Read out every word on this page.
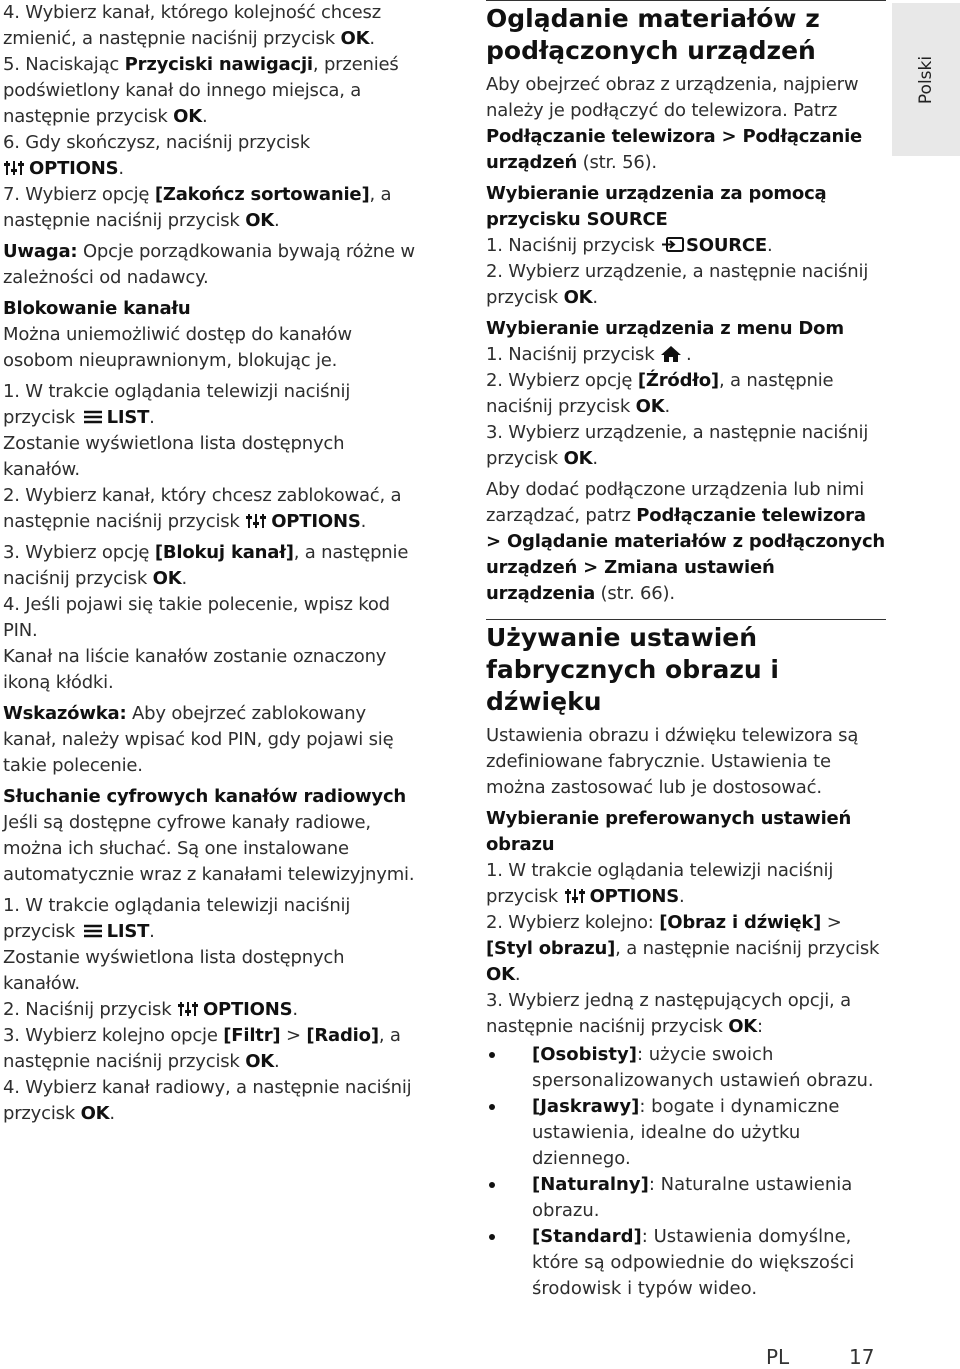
4. Wybierz kanał, którego kolejność chcesz zmienić, a następnie naciśnij przycisk OK.

5. Naciskając Przyciski nawigacji, przenieś podświetlony kanał do innego miejsca, a następnie przycisk OK.

6. Gdy skończysz, naciśnij przycisk

OPTIONS.

7. Wybierz opcję [Zakończ sortowanie], a następnie naciśnij przycisk OK.

Uwaga: Opcje porządkowania bywają różne w zależności od nadawcy.

Blokowanie kanału

Można uniemożliwić dostęp do kanałów osobom nieuprawnionym, blokując je.

1. W trakcie oglądania telewizji naciśnij przycisk
LIST.

Zostanie wyświetlona lista dostępnych kanałów.

2. Wybierz kanał, który chcesz zablokować, a następnie naciśnij przycisk
OPTIONS.

3. Wybierz opcję [Blokuj kanał], a następnie naciśnij przycisk OK.

4. Jeśli pojawi się takie polecenie, wpisz kod PIN.

Kanał na liście kanałów zostanie oznaczony ikoną kłódki.

Wskazówka: Aby obejrzeć zablokowany kanał, należy wpisać kod PIN, gdy pojawi się takie polecenie.

Słuchanie cyfrowych kanałów radiowych

Jeśli są dostępne cyfrowe kanały radiowe, można ich słuchać. Są one instalowane automatycznie wraz z kanałami telewizyjnymi.

1. W trakcie oglądania telewizji naciśnij przycisk
LIST.

Zostanie wyświetlona lista dostępnych kanałów.

2. Naciśnij przycisk
OPTIONS.

3. Wybierz kolejno opcje [Filtr] > [Radio], a następnie naciśnij przycisk OK.

4. Wybierz kanał radiowy, a następnie naciśnij przycisk OK.

Oglądanie materiałów z podłączonych urządzeń

Aby obejrzeć obraz z urządzenia, najpierw należy je podłączyć do telewizora. Patrz Podłączanie telewizora > Podłączanie urządzeń (str. 56).

Wybieranie urządzenia za pomocą przycisku SOURCE

1. Naciśnij przycisk
SOURCE.

2. Wybierz urządzenie, a następnie naciśnij przycisk OK.

Wybieranie urządzenia z menu Dom

1. Naciśnij przycisk
.

2. Wybierz opcję [Źródło], a następnie naciśnij przycisk OK.

3. Wybierz urządzenie, a następnie naciśnij przycisk OK.

Aby dodać podłączone urządzenia lub nimi zarządzać, patrz Podłączanie telewizora > Oglądanie materiałów z podłączonych urządzeń > Zmiana ustawień urządzenia (str. 66).

Używanie ustawień fabrycznych obrazu i dźwięku

Ustawienia obrazu i dźwięku telewizora są zdefiniowane fabrycznie. Ustawienia te można zastosować lub je dostosować.

Wybieranie preferowanych ustawień obrazu

1. W trakcie oglądania telewizji naciśnij przycisk
OPTIONS.

2. Wybierz kolejno: [Obraz i dźwięk] > [Styl obrazu], a następnie naciśnij przycisk OK.

3. Wybierz jedną z następujących opcji, a następnie naciśnij przycisk OK:

[Osobisty]: użycie swoich spersonalizowanych ustawień obrazu.
[Jaskrawy]: bogate i dynamiczne ustawienia, idealne do użytku dziennego.
[Naturalny]: Naturalne ustawienia obrazu.
[Standard]: Ustawienia domyślne, które są odpowiednie do większości środowisk i typów wideo.
Polski
PL	17
